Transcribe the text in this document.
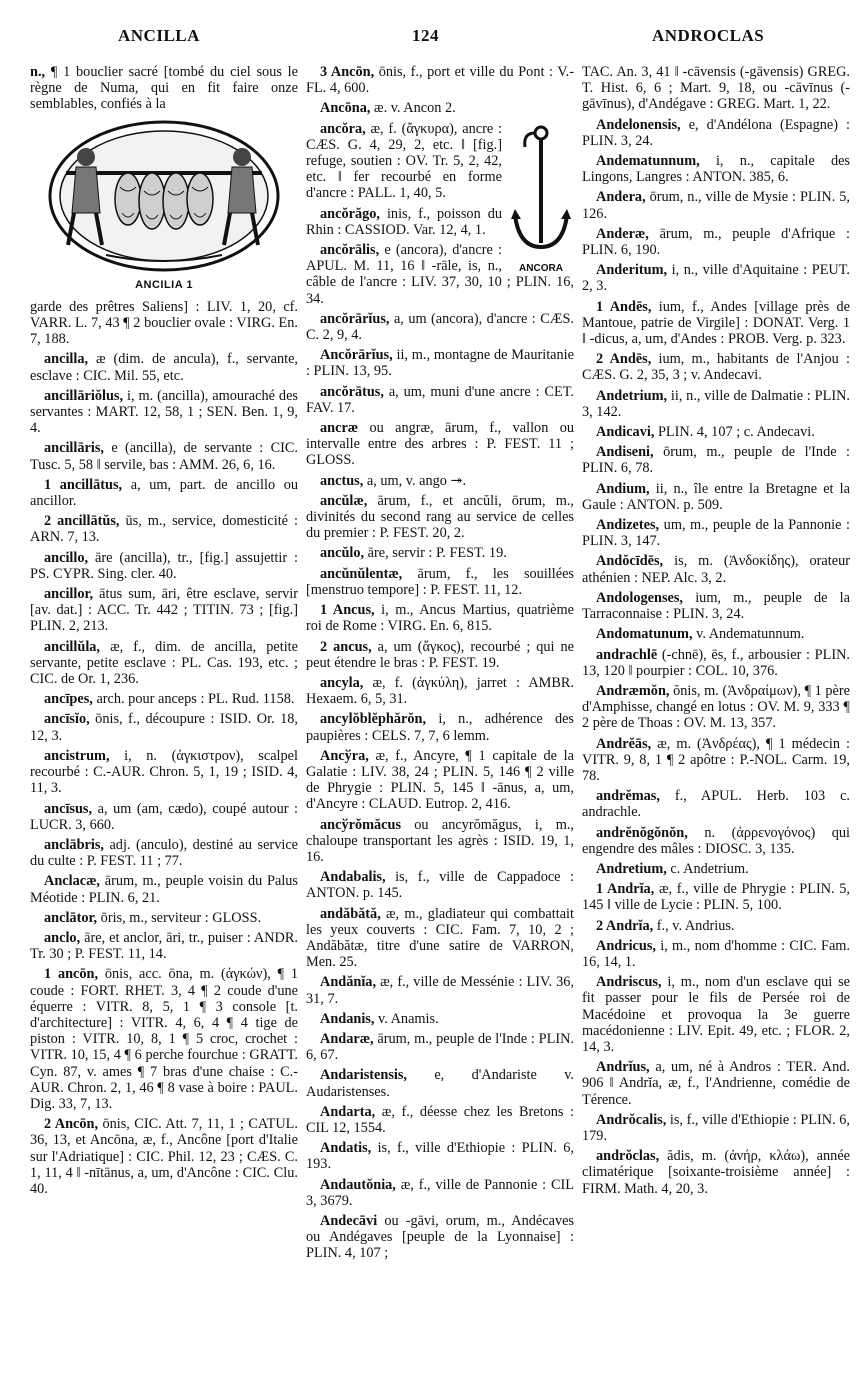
ANCILLA	124	ANDROCLAS

n., ¶ 1 bouclier sacré [tombé du ciel sous le règne de Numa, qui en fit faire onze semblables, confiés à la

ANCILIA 1

garde des prêtres Saliens] : LIV. 1, 20, cf. VARR. L. 7, 43 ¶ 2 bouclier ovale : VIRG. En. 7, 188.

ancilla, æ (dim. de ancula), f., servante, esclave : CIC. Mil. 55, etc.

ancillāriŏlus, i, m. (ancilla), amouraché des servantes : MART. 12, 58, 1 ; SEN. Ben. 1, 9, 4.

ancillāris, e (ancilla), de servante : CIC. Tusc. 5, 58 ‖ servile, bas : AMM. 26, 6, 16.

1 ancillātus, a, um, part. de ancillo ou ancillor.

2 ancillātŭs, ūs, m., service, domesticité : ARN. 7, 13.

ancillo, āre (ancilla), tr., [fig.] assujettir : PS. CYPR. Sing. cler. 40.

ancillor, ātus sum, āri, être esclave, servir [av. dat.] : ACC. Tr. 442 ; TITIN. 73 ; [fig.] PLIN. 2, 213.

ancillŭla, æ, f., dim. de ancilla, petite servante, petite esclave : PL. Cas. 193, etc. ; CIC. de Or. 1, 236.

ancīpes, arch. pour anceps : PL. Rud. 1158.

ancīsĭo, ōnis, f., découpure : ISID. Or. 18, 12, 3.

ancistrum, i, n. (ἀγκιστρον), scalpel recourbé : C.-AUR. Chron. 5, 1, 19 ; ISID. 4, 11, 3.

ancīsus, a, um (am, cædo), coupé autour : LUCR. 3, 660.

anclābris, adj. (anculo), destiné au service du culte : P. FEST. 11 ; 77.

Anclacæ, ārum, m., peuple voisin du Palus Méotide : PLIN. 6, 21.

anclātor, ōris, m., serviteur : GLOSS.

anclo, āre, et anclor, āri, tr., puiser : ANDR. Tr. 30 ; P. FEST. 11, 14.

1 ancōn, ōnis, acc. ōna, m. (ἀγκών), ¶ 1 coude : FORT. RHET. 3, 4 ¶ 2 coude d'une équerre : VITR. 8, 5, 1 ¶ 3 console [t. d'architecture] : VITR. 4, 6, 4 ¶ 4 tige de piston : VITR. 10, 8, 1 ¶ 5 croc, crochet : VITR. 10, 15, 4 ¶ 6 perche fourchue : GRATT. Cyn. 87, v. ames ¶ 7 bras d'une chaise : C.-AUR. Chron. 2, 1, 46 ¶ 8 vase à boire : PAUL. Dig. 33, 7, 13.

2 Ancōn, ōnis, CIC. Att. 7, 11, 1 ; CATUL. 36, 13, et Ancōna, æ, f., Ancône [port d'Italie sur l'Adriatique] : CIC. Phil. 12, 23 ; CÆS. C. 1, 11, 4 ‖ -nītānus, a, um, d'Ancône : CIC. Clu. 40.

3 Ancōn, ōnis, f., port et ville du Pont : V.-FL. 4, 600.

Ancōna, æ. v. Ancon 2.

ANCORA

ancŏra, æ, f. (ἄγκυρα), ancre : CÆS. G. 4, 29, 2, etc. ‖ [fig.] refuge, soutien : OV. Tr. 5, 2, 42, etc. ‖ fer recourbé en forme d'ancre : PALL. 1, 40, 5.

ancŏrăgo, inis, f., poisson du Rhin : CASSIOD. Var. 12, 4, 1.

ancŏrālis, e (ancora), d'ancre : APUL. M. 11, 16 ‖ -rāle, is, n., câble de l'ancre : LIV. 37, 30, 10 ; PLIN. 16, 34.

ancŏrārĭus, a, um (ancora), d'ancre : CÆS. C. 2, 9, 4.

Ancŏrārĭus, ii, m., montagne de Mauritanie : PLIN. 13, 95.

ancŏrātus, a, um, muni d'une ancre : CET. FAV. 17.

ancræ ou angræ, ārum, f., vallon ou intervalle entre des arbres : P. FEST. 11 ; GLOSS.

anctus, a, um, v. ango ↠.

ancŭlæ, ārum, f., et ancŭli, ōrum, m., divinités du second rang au service de celles du premier : P. FEST. 20, 2.

ancŭlo, āre, servir : P. FEST. 19.

ancŭnŭlentæ, ārum, f., les souillées [menstruo tempore] : P. FEST. 11, 12.

1 Ancus, i, m., Ancus Martius, quatrième roi de Rome : VIRG. En. 6, 815.

2 ancus, a, um (ἄγκος), recourbé ; qui ne peut étendre le bras : P. FEST. 19.

ancyla, æ, f. (ἀγκύλη), jarret : AMBR. Hexaem. 6, 5, 31.

ancylŏblĕphărŏn, i, n., adhérence des paupières : CELS. 7, 7, 6 lemm.

Ancўra, æ, f., Ancyre, ¶ 1 capitale de la Galatie : LIV. 38, 24 ; PLIN. 5, 146 ¶ 2 ville de Phrygie : PLIN. 5, 145 ‖ -ānus, a, um, d'Ancyre : CLAUD. Eutrop. 2, 416.

ancўrŏmăcus ou ancyrŏmăgus, i, m., chaloupe transportant les agrès : ISID. 19, 1, 16.

Andabalis, is, f., ville de Cappadoce : ANTON. p. 145.

andăbătă, æ, m., gladiateur qui combattait les yeux couverts : CIC. Fam. 7, 10, 2 ; Andăbătæ, titre d'une satire de VARRON, Men. 25.

Andănĭa, æ, f., ville de Messénie : LIV. 36, 31, 7.

Andanis, v. Anamis.

Andaræ, ārum, m., peuple de l'Inde : PLIN. 6, 67.

Andaristensis, e, d'Andariste v. Audaristenses.

Andarta, æ, f., déesse chez les Bretons : CIL 12, 1554.

Andatis, is, f., ville d'Ethiopie : PLIN. 6, 193.

Andautŏnia, æ, f., ville de Pannonie : CIL 3, 3679.

Andecāvi ou -gāvi, orum, m., Andécaves ou Andégaves [peuple de la Lyonnaise] : PLIN. 4, 107 ;

TAC. An. 3, 41 ‖ -cāvensis (-gāvensis) GREG. T. Hist. 6, 6 ; Mart. 9, 18, ou -cāvīnus (-gāvīnus), d'Andégave : GREG. Mart. 1, 22.

Andelonensis, e, d'Andélona (Espagne) : PLIN. 3, 24.

Andematunnum, i, n., capitale des Lingons, Langres : ANTON. 385, 6.

Andera, ōrum, n., ville de Mysie : PLIN. 5, 126.

Anderæ, ārum, m., peuple d'Afrique : PLIN. 6, 190.

Anderitum, i, n., ville d'Aquitaine : PEUT. 2, 3.

1 Andēs, ium, f., Andes [village près de Mantoue, patrie de Virgile] : DONAT. Verg. 1 ‖ -dicus, a, um, d'Andes : PROB. Verg. p. 323.

2 Andēs, ium, m., habitants de l'Anjou : CÆS. G. 2, 35, 3 ; v. Andecavi.

Andetrium, ii, n., ville de Dalmatie : PLIN. 3, 142.

Andicavi, PLIN. 4, 107 ; c. Andecavi.

Andiseni, ōrum, m., peuple de l'Inde : PLIN. 6, 78.

Andium, ii, n., île entre la Bretagne et la Gaule : ANTON. p. 509.

Andizetes, um, m., peuple de la Pannonie : PLIN. 3, 147.

Andŏcīdēs, is, m. (Ἀνδοκίδης), orateur athénien : NEP. Alc. 3, 2.

Andologenses, ium, m., peuple de la Tarraconnaise : PLIN. 3, 24.

Andomatunum, v. Andematunnum.

andrachlē (-chnē), ēs, f., arbousier : PLIN. 13, 120 ‖ pourpier : COL. 10, 376.

Andræmŏn, ŏnis, m. (Ἀνδραίμων), ¶ 1 père d'Amphisse, changé en lotus : OV. M. 9, 333 ¶ 2 père de Thoas : OV. M. 13, 357.

Andrĕās, æ, m. (Ἀνδρέας), ¶ 1 médecin : VITR. 9, 8, 1 ¶ 2 apôtre : P.-NOL. Carm. 19, 78.

andrĕmas, f., APUL. Herb. 103 c. andrachle.

andrĕnŏgŏnŏn, n. (ἀρρενογόνος) qui engendre des mâles : DIOSC. 3, 135.

Andretium, c. Andetrium.

1 Andrĭa, æ, f., ville de Phrygie : PLIN. 5, 145 ‖ ville de Lycie : PLIN. 5, 100.

2 Andrĭa, f., v. Andrius.

Andricus, i, m., nom d'homme : CIC. Fam. 16, 14, 1.

Andriscus, i, m., nom d'un esclave qui se fit passer pour le fils de Persée roi de Macédoine et provoqua la 3e guerre macédonienne : LIV. Epit. 49, etc. ; FLOR. 2, 14, 3.

Andrĭus, a, um, né à Andros : TER. And. 906 ‖ Andrĭa, æ, f., l'Andrienne, comédie de Térence.

Andrŏcalis, is, f., ville d'Ethiopie : PLIN. 6, 179.

andrŏclas, ădis, m. (ἀνήρ, κλάω), année climatérique [soixante-troisième année] : FIRM. Math. 4, 20, 3.
